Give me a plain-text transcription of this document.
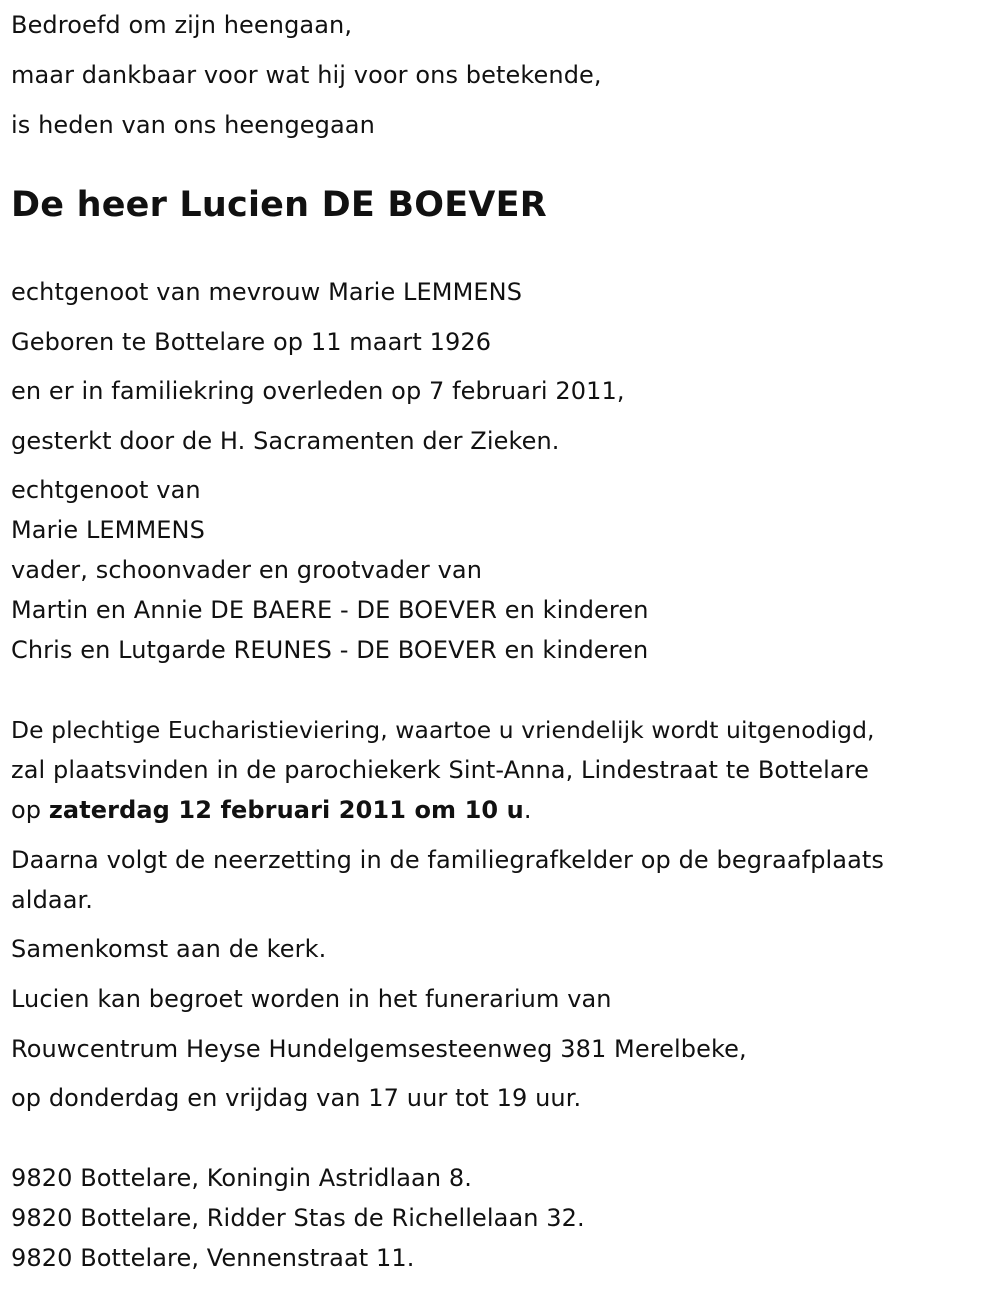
Bedroefd om zijn heengaan,
maar dankbaar voor wat hij voor ons betekende,
is heden van ons heengegaan
De heer Lucien DE BOEVER
echtgenoot van mevrouw Marie LEMMENS
Geboren te Bottelare op 11 maart 1926
en er in familiekring overleden op 7 februari 2011,
gesterkt door de H. Sacramenten der Zieken.
echtgenoot van
Marie LEMMENS
vader, schoonvader en grootvader van
Martin en Annie DE BAERE - DE BOEVER en kinderen
Chris en Lutgarde REUNES - DE BOEVER en kinderen
De plechtige Eucharistieviering, waartoe u vriendelijk wordt uitgenodigd,
zal plaatsvinden in de parochiekerk Sint-Anna, Lindestraat te Bottelare
op zaterdag 12 februari 2011 om 10 u.
Daarna volgt de neerzetting in de familiegrafkelder op de begraafplaats
aldaar.
Samenkomst aan de kerk.
Lucien kan begroet worden in het funerarium van
Rouwcentrum Heyse Hundelgemsesteenweg 381 Merelbeke,
op donderdag en vrijdag van 17 uur tot 19 uur.
9820 Bottelare, Koningin Astridlaan 8.
9820 Bottelare, Ridder Stas de Richellelaan 32.
9820 Bottelare, Vennenstraat 11.
